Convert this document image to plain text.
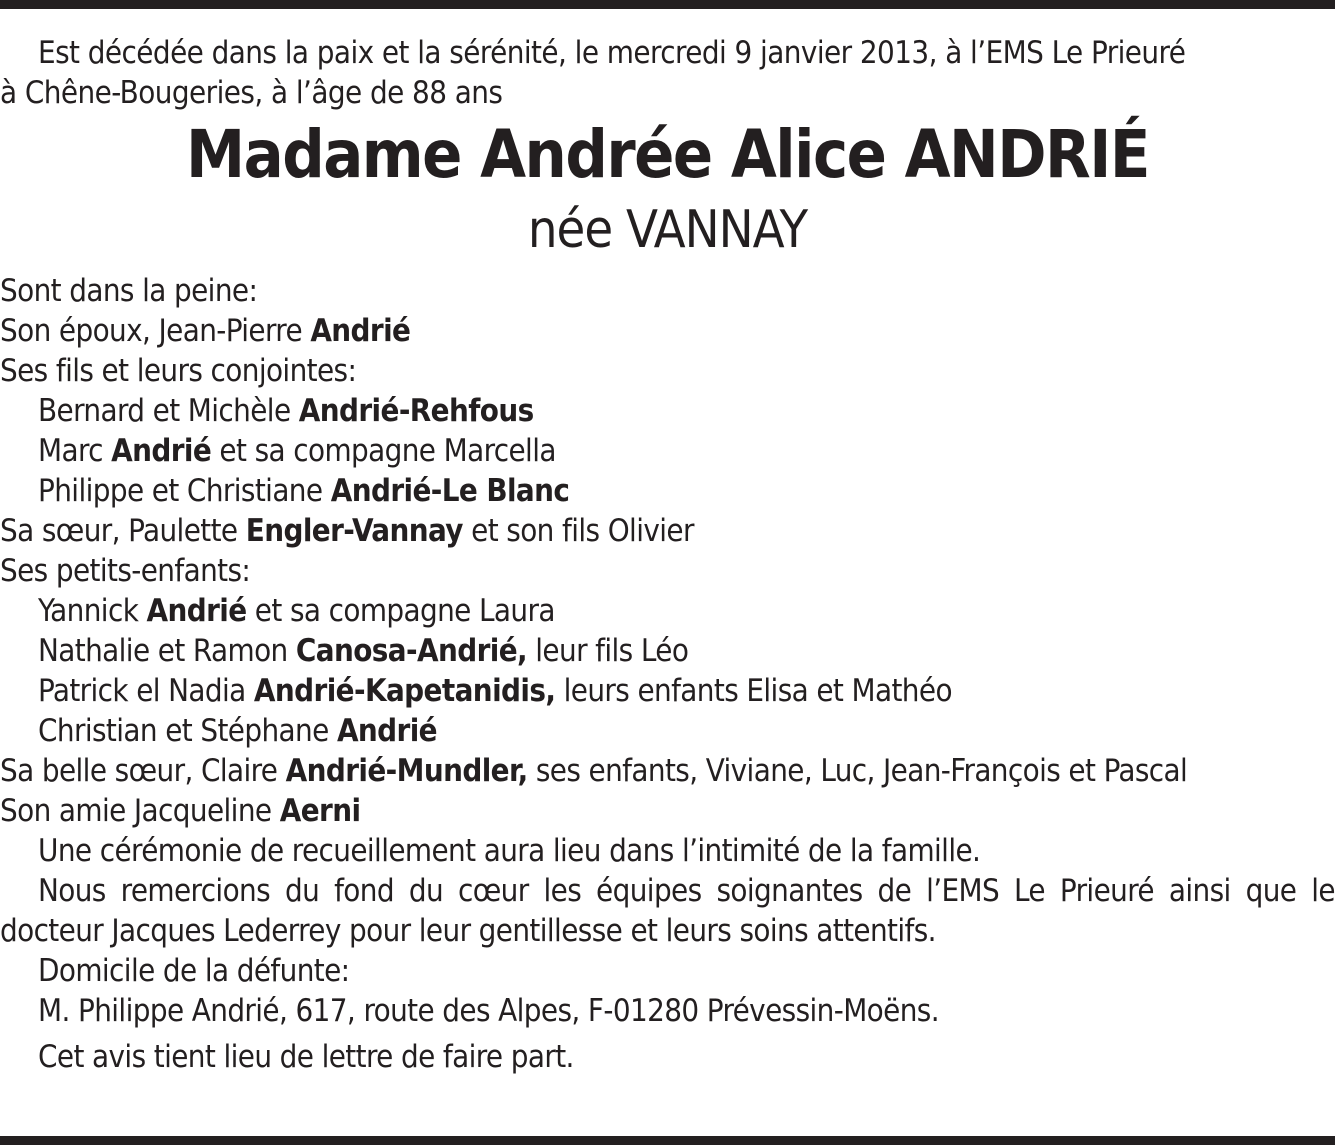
Est décédée dans la paix et la sérénité, le mercredi 9 janvier 2013, à l’EMS Le Prieuré
à Chêne-Bougeries, à l’âge de 88 ans
Madame Andrée Alice ANDRIÉ
née VANNAY
Sont dans la peine:
Son époux, Jean-Pierre Andrié
Ses fils et leurs conjointes:
Bernard et Michèle Andrié-Rehfous
Marc Andrié et sa compagne Marcella
Philippe et Christiane Andrié-Le Blanc
Sa sœur, Paulette Engler-Vannay et son fils Olivier
Ses petits-enfants:
Yannick Andrié et sa compagne Laura
Nathalie et Ramon Canosa-Andrié, leur fils Léo
Patrick el Nadia Andrié-Kapetanidis, leurs enfants Elisa et Mathéo
Christian et Stéphane Andrié
Sa belle sœur, Claire Andrié-Mundler, ses enfants, Viviane, Luc, Jean-François et Pascal
Son amie Jacqueline Aerni
Une cérémonie de recueillement aura lieu dans l’intimité de la famille.
Nous remercions du fond du cœur les équipes soignantes de l’EMS Le Prieuré ainsi que le docteur Jacques Lederrey pour leur gentillesse et leurs soins attentifs.
Domicile de la défunte:
M. Philippe Andrié, 617, route des Alpes, F-01280 Prévessin-Moëns.
Cet avis tient lieu de lettre de faire part.
